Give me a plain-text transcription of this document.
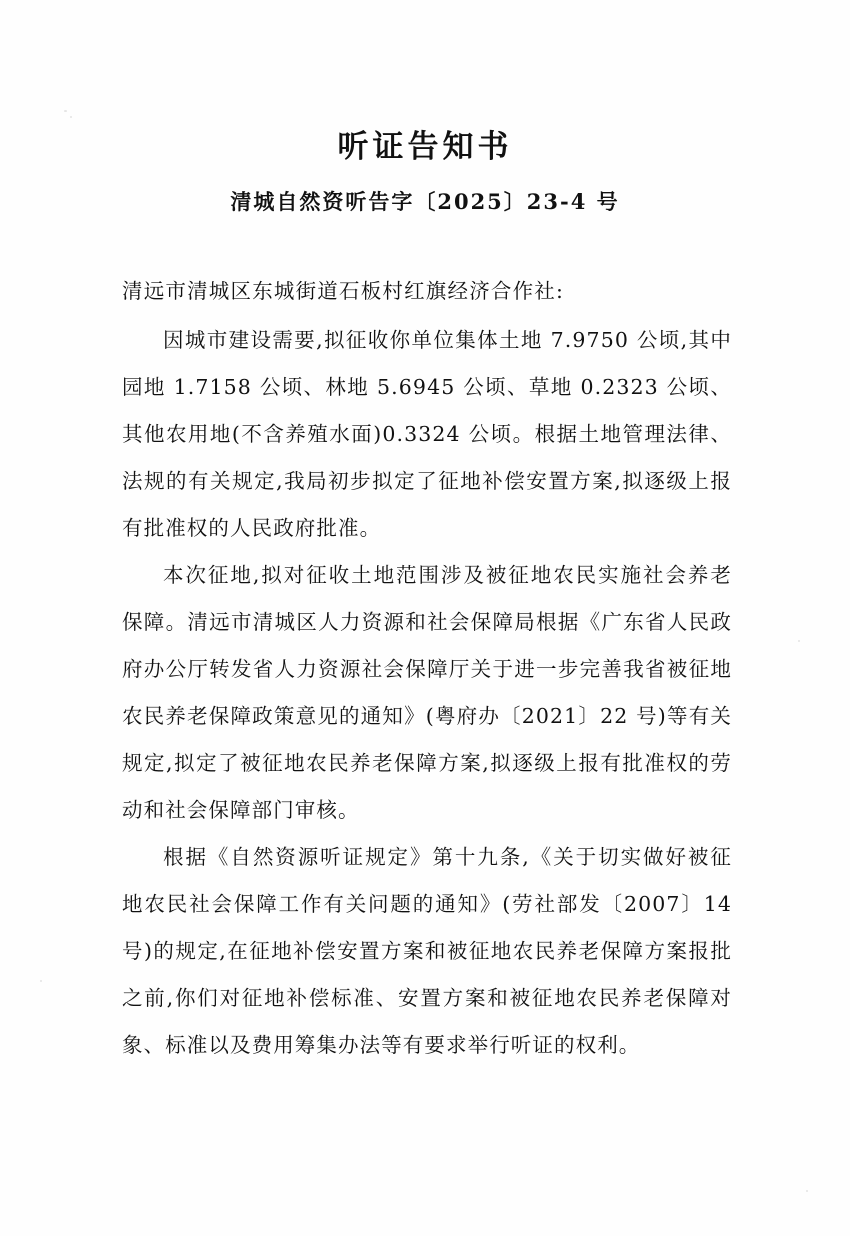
听证告知书
清城自然资听告字〔2025〕23-4 号

清远市清城区东城街道石板村红旗经济合作社:

因城市建设需要,拟征收你单位集体土地 7.9750 公顷,其中园地 1.7158 公顷、林地 5.6945 公顷、草地 0.2323 公顷、其他农用地(不含养殖水面)0.3324 公顷。根据土地管理法律、法规的有关规定,我局初步拟定了征地补偿安置方案,拟逐级上报有批准权的人民政府批准。

本次征地,拟对征收土地范围涉及被征地农民实施社会养老保障。清远市清城区人力资源和社会保障局根据《广东省人民政府办公厅转发省人力资源社会保障厅关于进一步完善我省被征地农民养老保障政策意见的通知》(粤府办〔2021〕22 号)等有关规定,拟定了被征地农民养老保障方案,拟逐级上报有批准权的劳动和社会保障部门审核。

根据《自然资源听证规定》第十九条,《关于切实做好被征地农民社会保障工作有关问题的通知》(劳社部发〔2007〕14 号)的规定,在征地补偿安置方案和被征地农民养老保障方案报批之前,你们对征地补偿标准、安置方案和被征地农民养老保障对象、标准以及费用筹集办法等有要求举行听证的权利。
